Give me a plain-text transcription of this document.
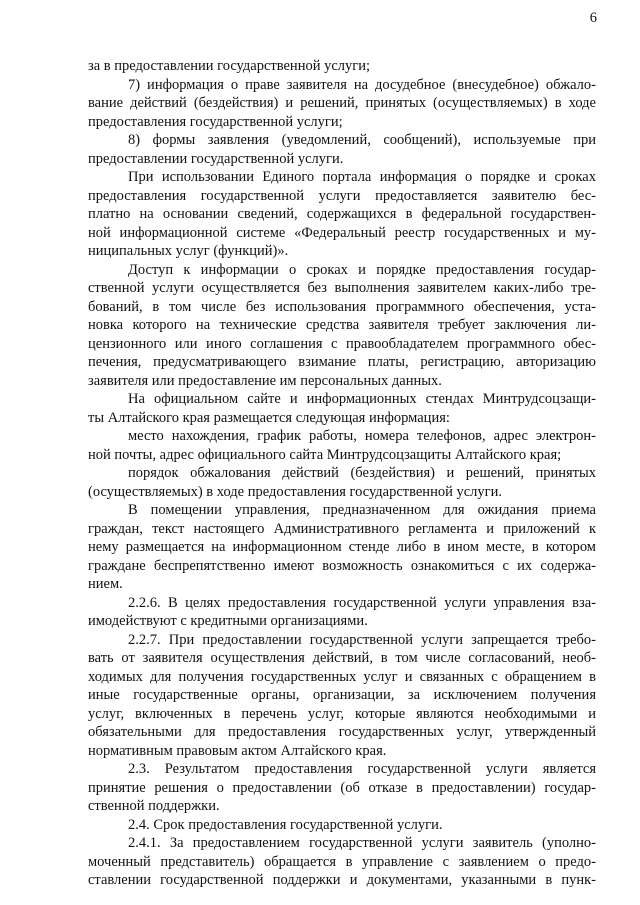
6
за в предоставлении государственной услуги;
7) информация о праве заявителя на досудебное (внесудебное) обжало-
вание действий (бездействия) и решений, принятых (осуществляемых) в ходе
предоставления государственной услуги;
8) формы заявления (уведомлений, сообщений), используемые при
предоставлении государственной услуги.
При использовании Единого портала информация о порядке и сроках
предоставления государственной услуги предоставляется заявителю бес-
платно на основании сведений, содержащихся в федеральной государствен-
ной информационной системе «Федеральный реестр государственных и му-
ниципальных услуг (функций)».
Доступ к информации о сроках и порядке предоставления государ-
ственной услуги осуществляется без выполнения заявителем каких-либо тре-
бований, в том числе без использования программного обеспечения, уста-
новка которого на технические средства заявителя требует заключения ли-
цензионного или иного соглашения с правообладателем программного обес-
печения, предусматривающего взимание платы, регистрацию, авторизацию
заявителя или предоставление им персональных данных.
На официальном сайте и информационных стендах Минтрудсоцзащи-
ты Алтайского края размещается следующая информация:
место нахождения, график работы, номера телефонов, адрес электрон-
ной почты, адрес официального сайта Минтрудсоцзащиты Алтайского края;
порядок обжалования действий (бездействия) и решений, принятых
(осуществляемых) в ходе предоставления государственной услуги.
В помещении управления, предназначенном для ожидания приема
граждан, текст настоящего Административного регламента и приложений к
нему размещается на информационном стенде либо в ином месте, в котором
граждане беспрепятственно имеют возможность ознакомиться с их содержа-
нием.
2.2.6. В целях предоставления государственной услуги управления вза-
имодействуют с кредитными организациями.
2.2.7. При предоставлении государственной услуги запрещается требо-
вать от заявителя осуществления действий, в том числе согласований, необ-
ходимых для получения государственных услуг и связанных с обращением в
иные государственные органы, организации, за исключением получения
услуг, включенных в перечень услуг, которые являются необходимыми и
обязательными для предоставления государственных услуг, утвержденный
нормативным правовым актом Алтайского края.
2.3. Результатом предоставления государственной услуги является
принятие решения о предоставлении (об отказе в предоставлении) государ-
ственной поддержки.
2.4. Срок предоставления государственной услуги.
2.4.1. За предоставлением государственной услуги заявитель (уполно-
моченный представитель) обращается в управление с заявлением о предо-
ставлении государственной поддержки и документами, указанными в пунк-
